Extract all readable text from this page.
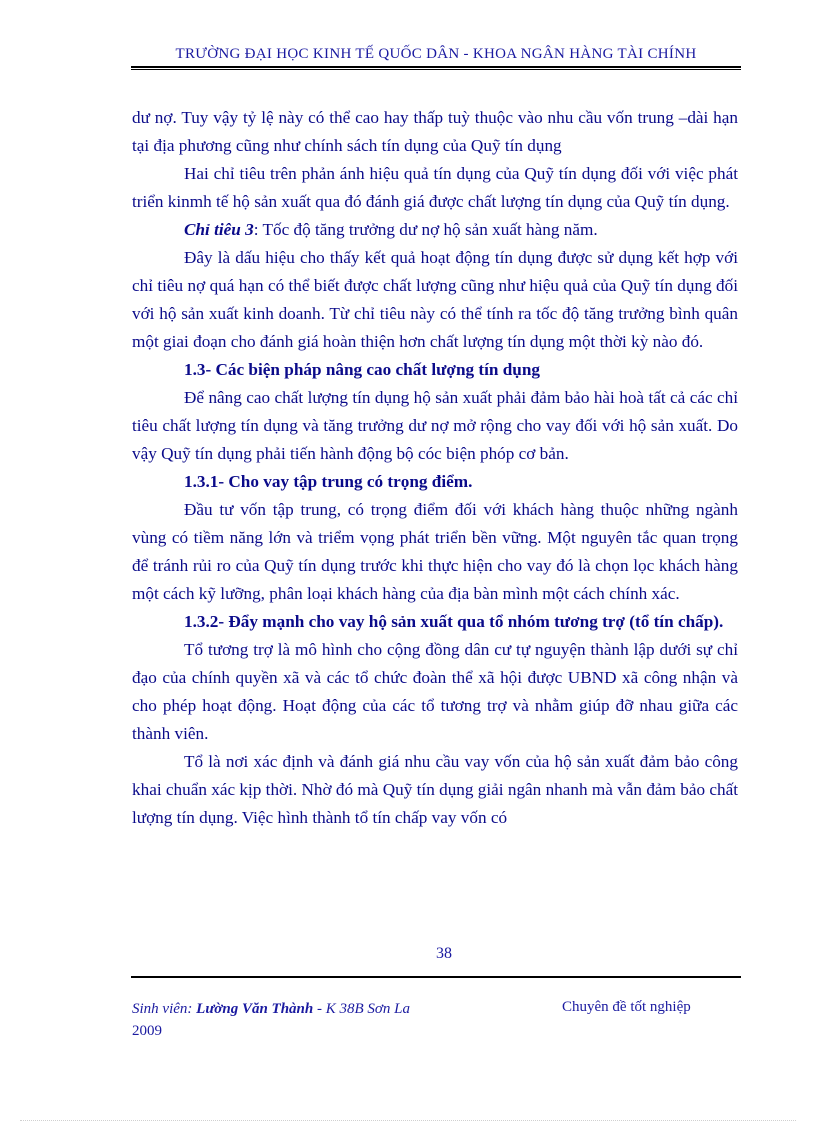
TRƯỜNG ĐẠI HỌC KINH TẾ QUỐC DÂN - KHOA NGÂN HÀNG TÀI CHÍNH

dư nợ. Tuy vậy tỷ lệ này có thể cao hay thấp tuỳ thuộc vào nhu cầu vốn trung –dài hạn tại địa phương cũng như chính sách tín dụng của Quỹ tín dụng

Hai chỉ tiêu trên phản ánh hiệu quả tín dụng của Quỹ tín dụng đối với việc phát triển kinmh tế hộ sản xuất qua đó đánh giá được chất lượng tín dụng của Quỹ tín dụng.

Chỉ tiêu 3: Tốc độ tăng trưởng dư nợ hộ sản xuất hàng năm.

Đây là dấu hiệu cho thấy kết quả hoạt động tín dụng được sử dụng kết hợp với chỉ tiêu nợ quá hạn có thể biết được chất lượng cũng như hiệu quả của Quỹ tín dụng đối với hộ sản xuất kinh doanh. Từ chỉ tiêu này có thể tính ra tốc độ tăng trưởng bình quân một giai đoạn cho đánh giá hoàn thiện hơn chất lượng tín dụng một thời kỳ nào đó.

1.3- Các biện pháp nâng cao chất lượng tín dụng

Để nâng cao chất lượng tín dụng hộ sản xuất phải đảm bảo hài hoà tất cả các chỉ tiêu chất lượng tín dụng và tăng trưởng dư nợ mở rộng cho vay đối với hộ sản xuất. Do vậy Quỹ tín dụng phải tiến hành động bộ cóc biện phóp cơ bản.

1.3.1- Cho vay tập trung có trọng điểm.

Đầu tư vốn tập trung, có trọng điểm đối với khách hàng thuộc những ngành vùng có tiềm năng lớn và triểm vọng phát triển bền vững. Một nguyên tắc quan trọng để tránh rủi ro của Quỹ tín dụng trước khi thực hiện cho vay đó là chọn lọc khách hàng một cách kỹ lưỡng, phân loại khách hàng của địa bàn mình một cách chính xác.

1.3.2- Đẩy mạnh cho vay hộ sản xuất qua tổ nhóm tương trợ (tổ tín chấp).

Tổ tương trợ là mô hình cho cộng đồng dân cư tự nguyện thành lập dưới sự chỉ đạo của chính quyền xã và các tổ chức đoàn thể xã hội được UBND xã công nhận và cho phép hoạt động. Hoạt động của các tổ tương trợ và nhằm giúp đỡ nhau giữa các thành viên.

Tổ là nơi xác định và đánh giá nhu cầu vay vốn của hộ sản xuất đảm bảo công khai chuẩn xác kịp thời. Nhờ đó mà Quỹ tín dụng giải ngân nhanh mà vẫn đảm bảo chất lượng tín dụng. Việc hình thành tổ tín chấp vay vốn có

38
Sinh viên: Lường Văn Thành - K 38B Sơn La
2009
Chuyên đề tốt nghiệp
